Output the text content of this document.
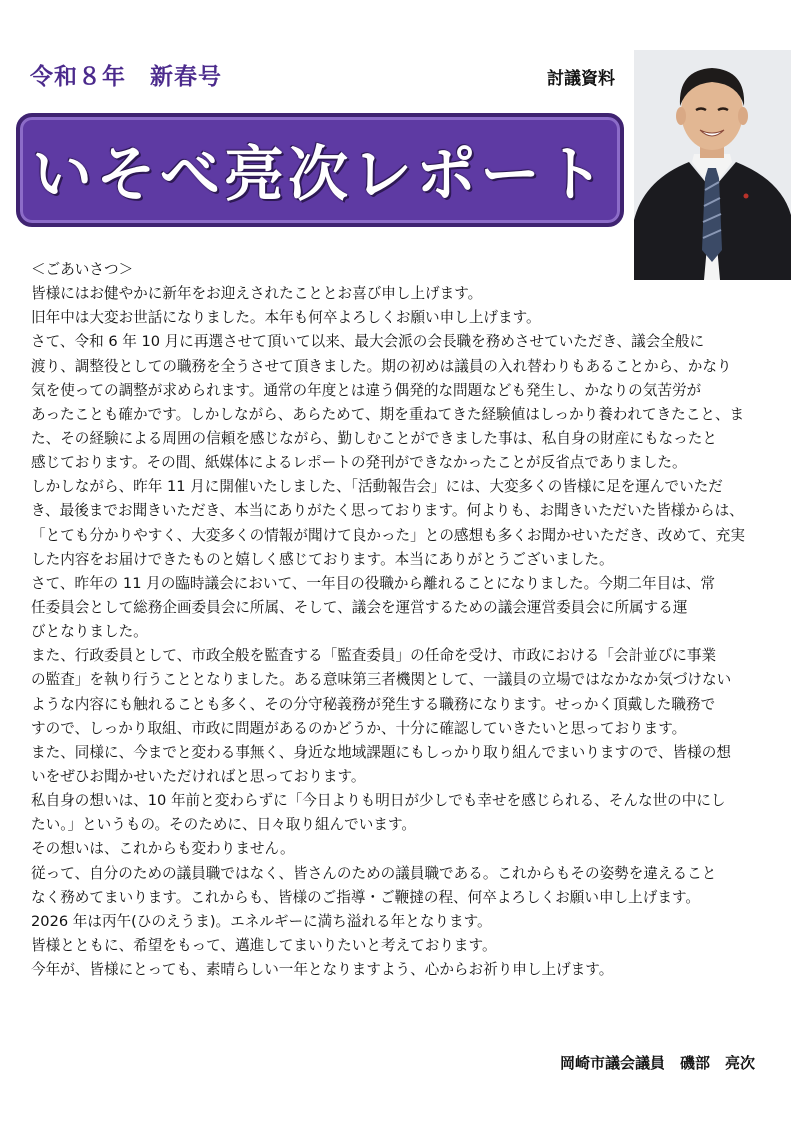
令和８年　新春号	討議資料
いそべ亮次レポート
＜ごあいさつ＞
皆様にはお健やかに新年をお迎えされたこととお喜び申し上げます。
旧年中は大変お世話になりました。本年も何卒よろしくお願い申し上げます。
さて、令和 6 年 10 月に再選させて頂いて以来、最大会派の会長職を務めさせていただき、議会全般に
渡り、調整役としての職務を全うさせて頂きました。期の初めは議員の入れ替わりもあることから、かなり
気を使っての調整が求められます。通常の年度とは違う偶発的な問題なども発生し、かなりの気苦労が
あったことも確かです。しかしながら、あらためて、期を重ねてきた経験値はしっかり養われてきたこと、ま
た、その経験による周囲の信頼を感じながら、勤しむことができました事は、私自身の財産にもなったと
感じております。その間、紙媒体によるレポートの発刊ができなかったことが反省点でありました。
しかしながら、昨年 11 月に開催いたしました、「活動報告会」には、大変多くの皆様に足を運んでいただ
き、最後までお聞きいただき、本当にありがたく思っております。何よりも、お聞きいただいた皆様からは、
「とても分かりやすく、大変多くの情報が聞けて良かった」との感想も多くお聞かせいただき、改めて、充実
した内容をお届けできたものと嬉しく感じております。本当にありがとうございました。
さて、昨年の 11 月の臨時議会において、一年目の役職から離れることになりました。今期二年目は、常
任委員会として総務企画委員会に所属、そして、議会を運営するための議会運営委員会に所属する運
びとなりました。
また、行政委員として、市政全般を監査する「監査委員」の任命を受け、市政における「会計並びに事業
の監査」を執り行うこととなりました。ある意味第三者機関として、一議員の立場ではなかなか気づけない
ような内容にも触れることも多く、その分守秘義務が発生する職務になります。せっかく頂戴した職務で
すので、しっかり取組、市政に問題があるのかどうか、十分に確認していきたいと思っております。
また、同様に、今までと変わる事無く、身近な地域課題にもしっかり取り組んでまいりますので、皆様の想
いをぜひお聞かせいただければと思っております。
私自身の想いは、10 年前と変わらずに「今日よりも明日が少しでも幸せを感じられる、そんな世の中にし
たい。」というもの。そのために、日々取り組んでいます。
その想いは、これからも変わりません。
従って、自分のための議員職ではなく、皆さんのための議員職である。これからもその姿勢を違えること
なく務めてまいります。これからも、皆様のご指導・ご鞭撻の程、何卒よろしくお願い申し上げます。
2026 年は丙午(ひのえうま)。エネルギーに満ち溢れる年となります。
皆様とともに、希望をもって、邁進してまいりたいと考えております。
今年が、皆様にとっても、素晴らしい一年となりますよう、心からお祈り申し上げます。
岡崎市議会議員　磯部　亮次
